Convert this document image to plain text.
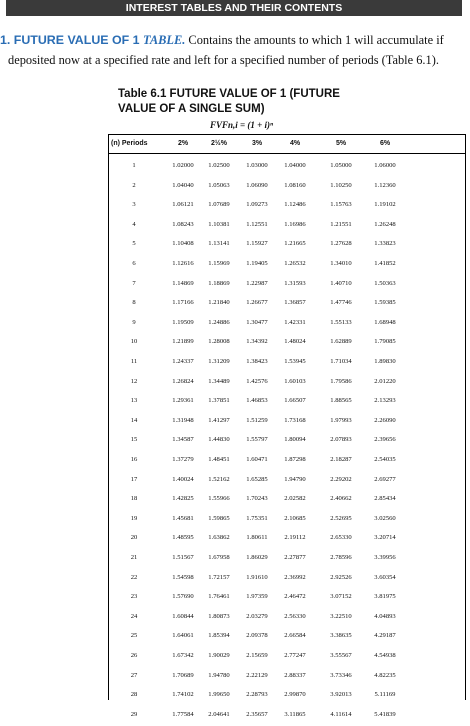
INTEREST TABLES AND THEIR CONTENTS
1. FUTURE VALUE OF 1 TABLE. Contains the amounts to which 1 will accumulate if
deposited now at a specified rate and left for a specified number of periods (Table 6.1).
Table 6.1 FUTURE VALUE OF 1 (FUTURE
VALUE OF A SINGLE SUM)
FVFn,i = (1 + i)ⁿ
(n) Periods	2%	2½%	3%	4%	5%	6%
1	1.02000	1.02500	1.03000	1.04000	1.05000	1.06000
2	1.04040	1.05063	1.06090	1.08160	1.10250	1.12360
3	1.06121	1.07689	1.09273	1.12486	1.15763	1.19102
4	1.08243	1.10381	1.12551	1.16986	1.21551	1.26248
5	1.10408	1.13141	1.15927	1.21665	1.27628	1.33823
6	1.12616	1.15969	1.19405	1.26532	1.34010	1.41852
7	1.14869	1.18869	1.22987	1.31593	1.40710	1.50363
8	1.17166	1.21840	1.26677	1.36857	1.47746	1.59385
9	1.19509	1.24886	1.30477	1.42331	1.55133	1.68948
10	1.21899	1.28008	1.34392	1.48024	1.62889	1.79085
11	1.24337	1.31209	1.38423	1.53945	1.71034	1.89830
12	1.26824	1.34489	1.42576	1.60103	1.79586	2.01220
13	1.29361	1.37851	1.46853	1.66507	1.88565	2.13293
14	1.31948	1.41297	1.51259	1.73168	1.97993	2.26090
15	1.34587	1.44830	1.55797	1.80094	2.07893	2.39656
16	1.37279	1.48451	1.60471	1.87298	2.18287	2.54035
17	1.40024	1.52162	1.65285	1.94790	2.29202	2.69277
18	1.42825	1.55966	1.70243	2.02582	2.40662	2.85434
19	1.45681	1.59865	1.75351	2.10685	2.52695	3.02560
20	1.48595	1.63862	1.80611	2.19112	2.65330	3.20714
21	1.51567	1.67958	1.86029	2.27877	2.78596	3.39956
22	1.54598	1.72157	1.91610	2.36992	2.92526	3.60354
23	1.57690	1.76461	1.97359	2.46472	3.07152	3.81975
24	1.60844	1.80873	2.03279	2.56330	3.22510	4.04893
25	1.64061	1.85394	2.09378	2.66584	3.38635	4.29187
26	1.67342	1.90029	2.15659	2.77247	3.55567	4.54938
27	1.70689	1.94780	2.22129	2.88337	3.73346	4.82235
28	1.74102	1.99650	2.28793	2.99870	3.92013	5.11169
29	1.77584	2.04641	2.35657	3.11865	4.11614	5.41839
